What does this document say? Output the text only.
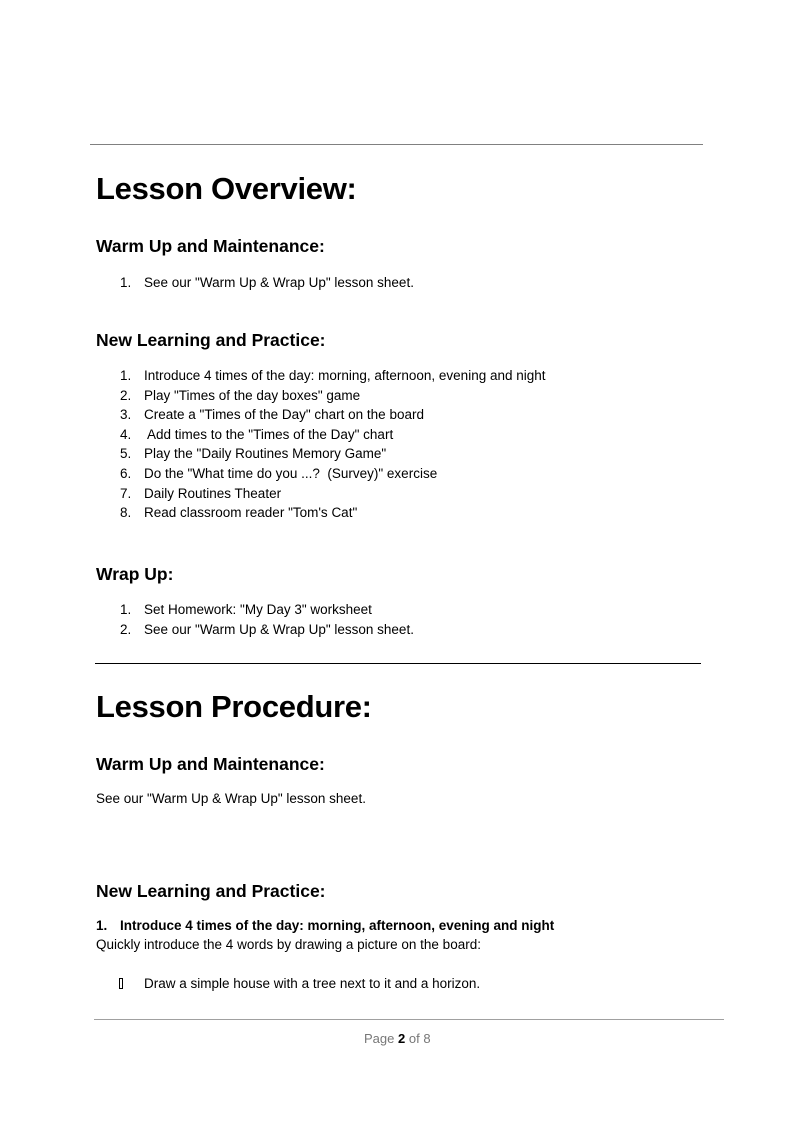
Lesson Overview:
Warm Up and Maintenance:
1. See our "Warm Up & Wrap Up" lesson sheet.
New Learning and Practice:
1. Introduce 4 times of the day: morning, afternoon, evening and night
2. Play "Times of the day boxes" game
3. Create a "Times of the Day" chart on the board
4. Add times to the "Times of the Day" chart
5. Play the "Daily Routines Memory Game"
6. Do the "What time do you ...?  (Survey)" exercise
7. Daily Routines Theater
8. Read classroom reader "Tom's Cat"
Wrap Up:
1. Set Homework: "My Day 3" worksheet
2. See our "Warm Up & Wrap Up" lesson sheet.
Lesson Procedure:
Warm Up and Maintenance:
See our "Warm Up & Wrap Up" lesson sheet.
New Learning and Practice:
1. Introduce 4 times of the day: morning, afternoon, evening and night
Quickly introduce the 4 words by drawing a picture on the board:
Draw a simple house with a tree next to it and a horizon.
Page 2 of 8
